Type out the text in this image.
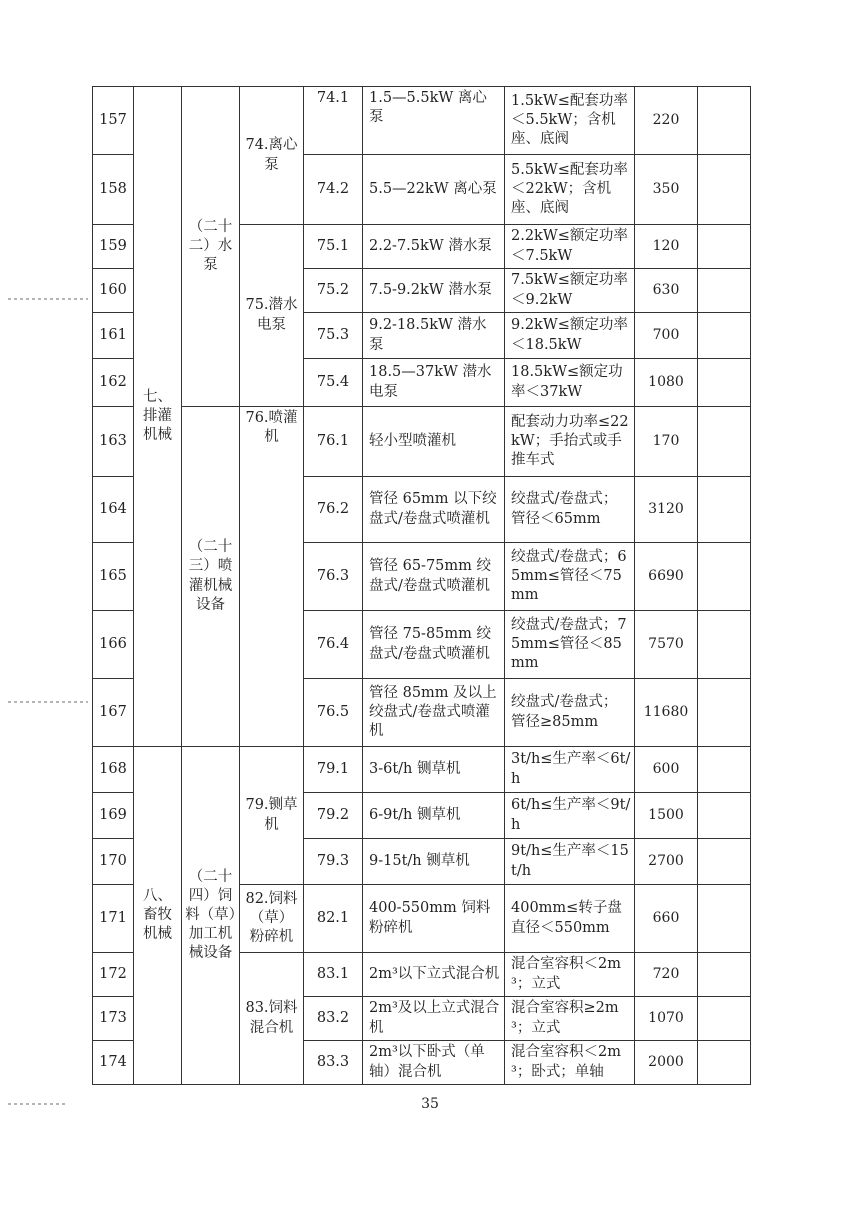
157	七、排灌机械	（二十二）水泵	74.离心泵	74.1	1.5—5.5kW 离心泵	1.5kW≤配套功率＜5.5kW；含机座、底阀	220	
158				74.2	5.5—22kW 离心泵	5.5kW≤配套功率＜22kW；含机座、底阀	350	
159			75.潜水电泵	75.1	2.2-7.5kW 潜水泵	2.2kW≤额定功率＜7.5kW	120	
160				75.2	7.5-9.2kW 潜水泵	7.5kW≤额定功率＜9.2kW	630	
161				75.3	9.2-18.5kW 潜水泵	9.2kW≤额定功率＜18.5kW	700	
162				75.4	18.5—37kW 潜水电泵	18.5kW≤额定功率＜37kW	1080	
163		（二十三）喷灌机械设备	76.喷灌机	76.1	轻小型喷灌机	配套动力功率≤22 kW；手抬式或手推车式	170	
164				76.2	管径 65mm 以下绞盘式/卷盘式喷灌机	绞盘式/卷盘式；管径＜65mm	3120	
165				76.3	管径 65-75mm 绞盘式/卷盘式喷灌机	绞盘式/卷盘式；65mm≤管径＜75mm	6690	
166				76.4	管径 75-85mm 绞盘式/卷盘式喷灌机	绞盘式/卷盘式；75mm≤管径＜85mm	7570	
167				76.5	管径 85mm 及以上绞盘式/卷盘式喷灌机	绞盘式/卷盘式；管径≥85mm	11680	
168	八、畜牧机械	（二十四）饲料（草）加工机械设备	79.铡草机	79.1	3-6t/h 铡草机	3t/h≤生产率＜6t/h	600	
169				79.2	6-9t/h 铡草机	6t/h≤生产率＜9t/h	1500	
170				79.3	9-15t/h 铡草机	9t/h≤生产率＜15t/h	2700	
171			82.饲料（草）粉碎机	82.1	400-550mm 饲料粉碎机	400mm≤转子盘直径＜550mm	660	
172			83.饲料混合机	83.1	2m³以下立式混合机	混合室容积＜2m³；立式	720	
173				83.2	2m³及以上立式混合机	混合室容积≥2m³；立式	1070	
174				83.3	2m³以下卧式（单轴）混合机	混合室容积＜2m³；卧式；单轴	2000	
35
